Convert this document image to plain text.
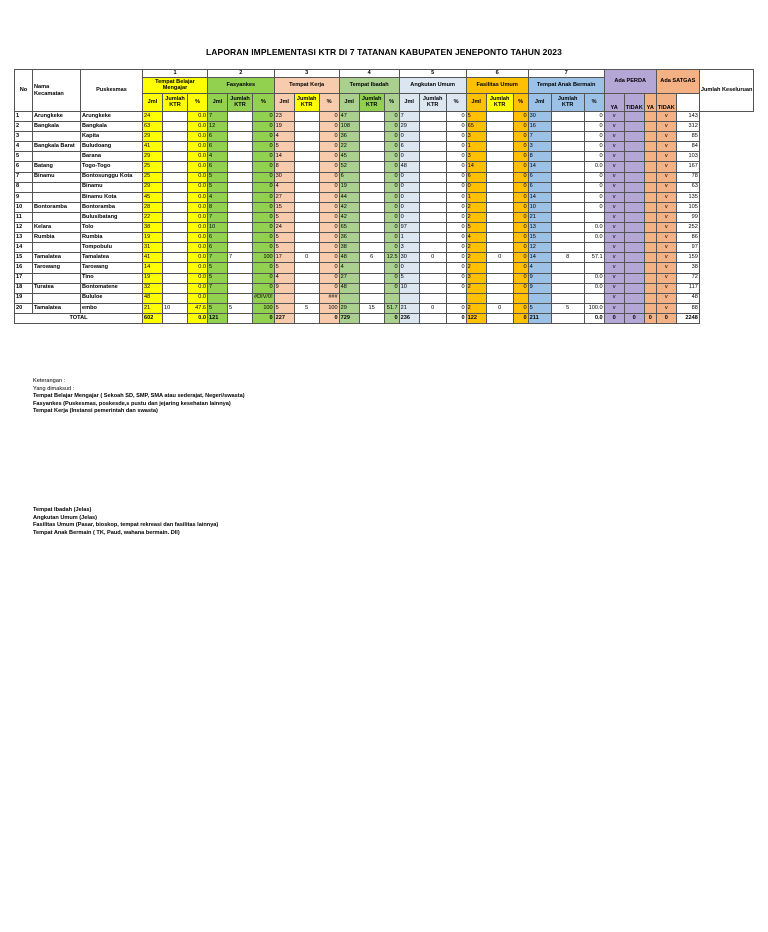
LAPORAN IMPLEMENTASI KTR DI 7 TATANAN KABUPATEN JENEPONTO TAHUN 2023
No	Nama Kecamatan	Puskesmas	1			2			3			4			5			6			7			Ada PERDA			Ada SATGAS		Jumlah Keseluruan
			Tempat Belajar Mengajar			Fasyankes			Tempat Kerja			Tempat Ibadah			Angkutan Umum			Fasilitas Umum			Tempat Anak Bermain								
			Jml	Jumlah KTR	%	Jml	Jumlah KTR	%	Jml	Jumlah KTR	%	Jml	Jumlah KTR	%	Jml	Jumlah KTR	%	Jml	Jumlah KTR	%	Jml	Jumlah KTR	%	YA	TIDAK	YA	TIDAK		
1	Arungkeke	Arungkeke	24		0.0	7		0	23		0	47		0	7		0	5		0	30		0	v			v	143	
2	Bangkala	Bangkala	63		0.0	12		0	19		0	108		0	29		0	65		0	16		0	v			v	312	
3		Kapita	29		0.0	6		0	4		0	36		0	0		0	3		0	7		0	v			v	85	
4	Bangkala Barat	Buludoang	41		0.0	6		0	5		0	22		0	6		0	1		0	3		0	v			v	84	
5		Barana	29		0.0	4		0	14		0	45		0	0		0	3		0	8		0	v			v	103	
6	Batang	Togo-Togo	25		0.0	6		0	8		0	52		0	48		0	14		0	14		0.0	v			v	167	
7	Binamu	Bontosunggu Kota	25		0.0	5		0	30		0	6		0	0		0	6		0	6		0	v			v	78	
8		Binamu	29		0.0	5		0	4		0	19		0	0		0	0		0	6		0	v			v	63	
9		Binamu Kota	45		0.0	4		0	27		0	44		0	0		0	1		0	14		0	v			v	135	
10	Bontoramba	Bontoramba	28		0.0	8		0	15		0	42		0	0		0	2		0	10		0	v			v	105	
11		Bulusibatang	22		0.0	7		0	5		0	42		0	0		0	2		0	21			v			v	99	
12	Kelara	Tolo	38		0.0	10		0	24		0	65		0	97		0	5		0	13		0.0	v			v	252	
13	Rumbia	Rumbia	19		0.0	6		0	5		0	36		0	1		0	4		0	15		0.0	v			v	86	
14		Tompobulu	31		0.0	6		0	5		0	38		0	3		0	2		0	12			v			v	97	
15	Tamalatea	Tamalatea	41		0.0	7	7	100	17	0	0	48	6	12.5	30	0	0	2	0	0	14	8	57.1	v			v	159	
16	Tarowang	Tarowang	14		0.0	5		0	5		0	4		0	0		0	2		0	4			v			v	38	
17		Tino	19		0.0	5		0	4		0	27		0	5		0	3		0	9		0.0	v			v	72	
18	Turatea	Bontomatene	32		0.0	7		0	9		0	48		0	10		0	2		0	9		0.0	v			v	117	
19		Bululoe	48		0.0			#DIV/0!			###													v			v	48	
20	Tamalatea	embo	21	10	47.6	5	5	100	5	5	100	29	15	51.7	21	0	0	2	0	0	5	5	100.0	v			v	88	
TOTAL			602		0.0	121		0	227		0	729		0	236		0	122		0	211		0.0	0	0	0	0	2248	
Keterangan :
Yang dimaksud :
Tempat Belajar Mengajar ( Sekoah SD, SMP, SMA atau sederajat, Negeri/swasta)
Fasyankes (Puskesmas, poskesde,s pustu dan jejaring kesehatan lainnya)
Tempat Kerja (Instansi pemerintah dan swasta)
Tempat Ibadah (Jelas)
Angkutan Umum (Jelas)
Fasilitas Umum (Pasar, bioskop, tempat rekreasi dan fasilitas lainnya)
Tempat Anak Bermain ( TK, Paud, wahana bermain. Dll)
